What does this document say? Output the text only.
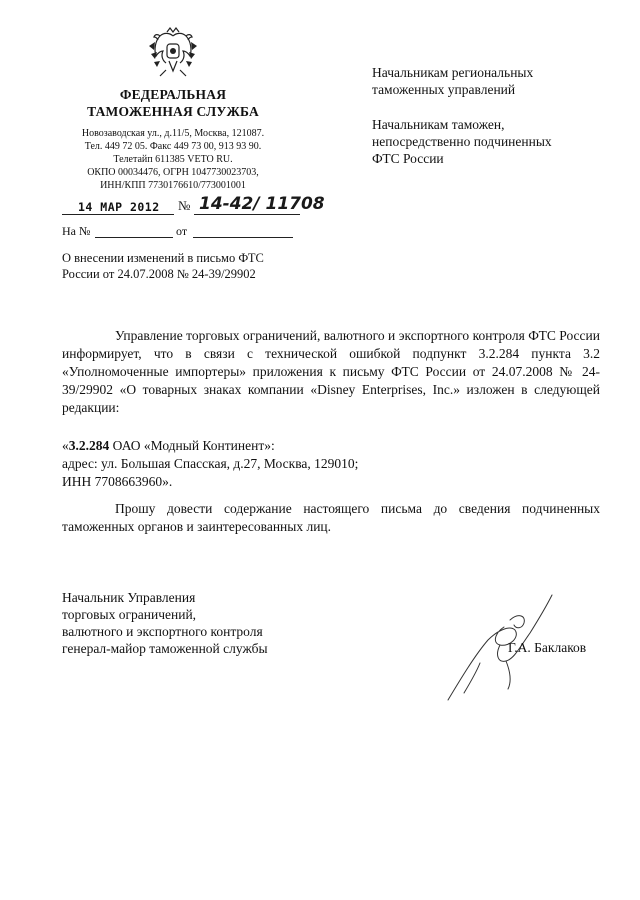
ФЕДЕРАЛЬНАЯ
ТАМОЖЕННАЯ СЛУЖБА
Новозаводская ул., д.11/5, Москва, 121087.
Тел. 449 72 05. Факс 449 73 00, 913 93 90.
Телетайп 611385 VETO RU.
ОКПО 00034476, ОГРН 1047730023703,
ИНН/КПП 7730176610/773001001
14 MAP 2012 № 14-42/ 11708
На №	от
О внесении изменений в письмо ФТС
России от 24.07.2008 № 24-39/29902
Начальникам региональных
таможенных управлений
Начальникам таможен,
непосредственно подчиненных
ФТС России
Управление торговых ограничений, валютного и экспортного контроля ФТС России информирует, что в связи с технической ошибкой подпункт 3.2.284 пункта 3.2 «Уполномоченные импортеры» приложения к письму ФТС России от 24.07.2008 № 24-39/29902 «О товарных знаках компании «Disney Enterprises, Inc.» изложен в следующей редакции:
«3.2.284 ОАО «Модный Континент»:
адрес: ул. Большая Спасская, д.27, Москва, 129010;
ИНН 7708663960».
Прошу довести содержание настоящего письма до сведения подчиненных таможенных органов и заинтересованных лиц.
Начальник Управления
торговых ограничений,
валютного и экспортного контроля
генерал-майор таможенной службы	Г.А. Баклаков
